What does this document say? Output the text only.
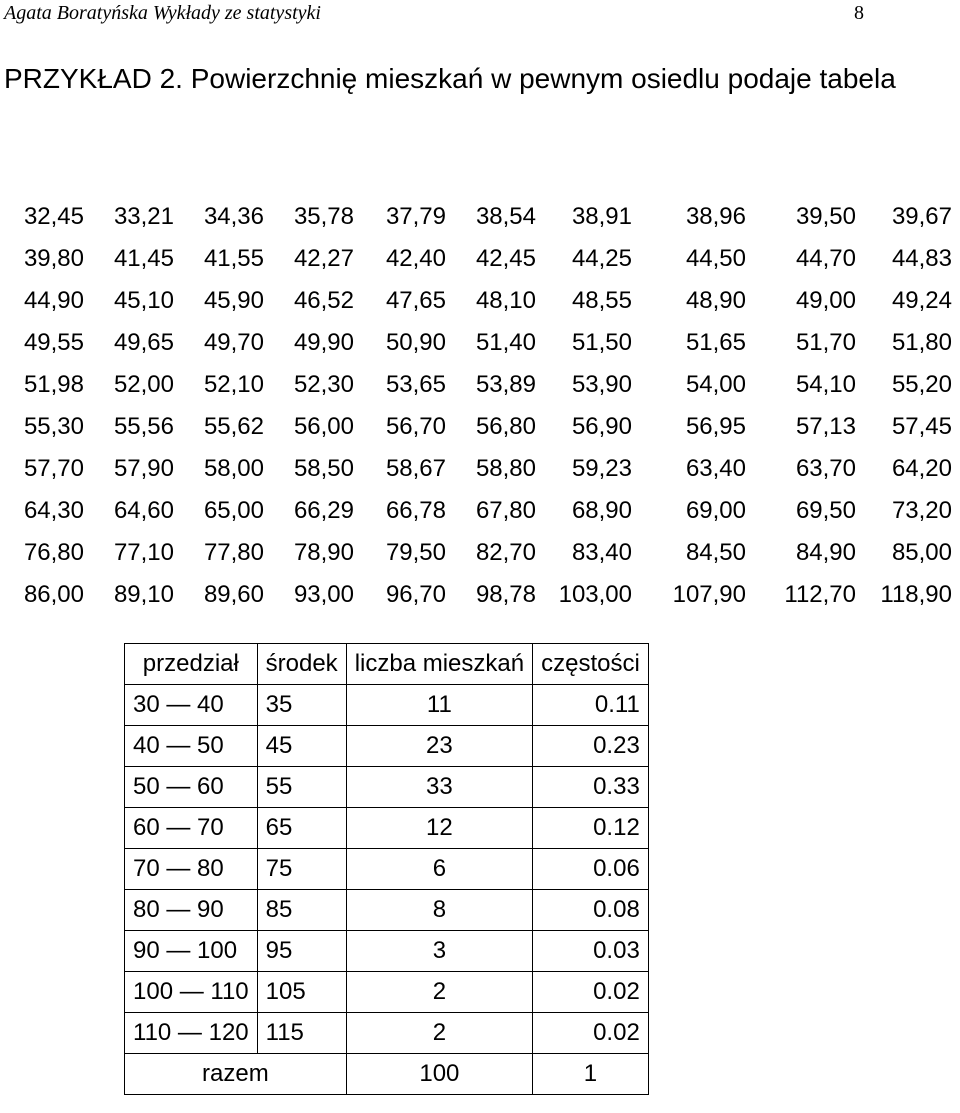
Agata Boratyńska Wykłady ze statystyki	8
PRZYKŁAD 2. Powierzchnię mieszkań w pewnym osiedlu podaje tabela
32,45 33,21 34,36 35,78 37,79 38,54 38,91 38,96 39,50 39,67
39,80 41,45 41,55 42,27 42,40 42,45 44,25 44,50 44,70 44,83
44,90 45,10 45,90 46,52 47,65 48,10 48,55 48,90 49,00 49,24
49,55 49,65 49,70 49,90 50,90 51,40 51,50 51,65 51,70 51,80
51,98 52,00 52,10 52,30 53,65 53,89 53,90 54,00 54,10 55,20
55,30 55,56 55,62 56,00 56,70 56,80 56,90 56,95 57,13 57,45
57,70 57,90 58,00 58,50 58,67 58,80 59,23 63,40 63,70 64,20
64,30 64,60 65,00 66,29 66,78 67,80 68,90 69,00 69,50 73,20
76,80 77,10 77,80 78,90 79,50 82,70 83,40 84,50 84,90 85,00
86,00 89,10 89,60 93,00 96,70 98,78 103,00 107,90 112,70 118,90
przedział	środek	liczba mieszkań	częstości
30 — 40	35	11	0.11
40 — 50	45	23	0.23
50 — 60	55	33	0.33
60 — 70	65	12	0.12
70 — 80	75	6	0.06
80 — 90	85	8	0.08
90 — 100	95	3	0.03
100 — 110	105	2	0.02
110 — 120	115	2	0.02
razem		100	1
